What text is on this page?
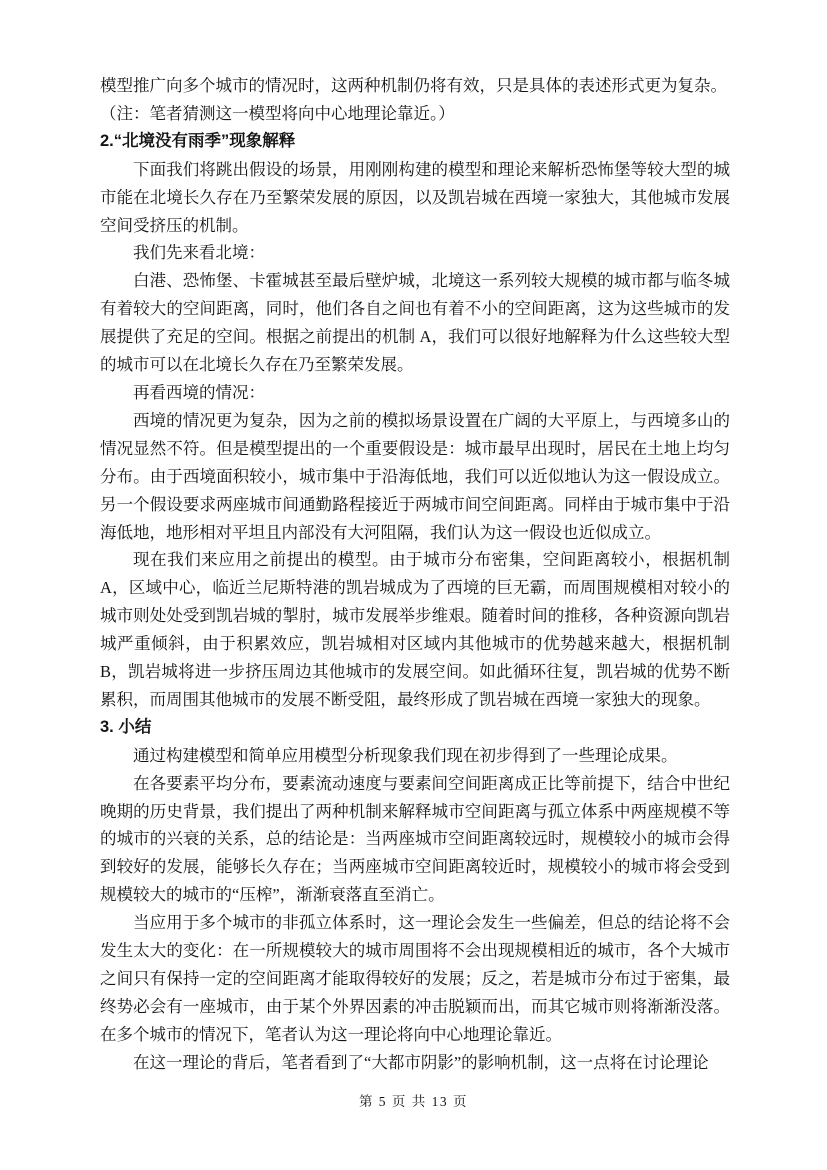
模型推广向多个城市的情况时，这两种机制仍将有效，只是具体的表述形式更为复杂。

（注：笔者猜测这一模型将向中心地理论靠近。）

2.“北境没有雨季”现象解释

下面我们将跳出假设的场景，用刚刚构建的模型和理论来解析恐怖堡等较大型的城市能在北境长久存在乃至繁荣发展的原因，以及凯岩城在西境一家独大，其他城市发展空间受挤压的机制。

我们先来看北境：

白港、恐怖堡、卡霍城甚至最后壁炉城，北境这一系列较大规模的城市都与临冬城有着较大的空间距离，同时，他们各自之间也有着不小的空间距离，这为这些城市的发展提供了充足的空间。根据之前提出的机制 A，我们可以很好地解释为什么这些较大型的城市可以在北境长久存在乃至繁荣发展。

再看西境的情况：

西境的情况更为复杂，因为之前的模拟场景设置在广阔的大平原上，与西境多山的情况显然不符。但是模型提出的一个重要假设是：城市最早出现时，居民在土地上均匀分布。由于西境面积较小，城市集中于沿海低地，我们可以近似地认为这一假设成立。另一个假设要求两座城市间通勤路程接近于两城市间空间距离。同样由于城市集中于沿海低地，地形相对平坦且内部没有大河阻隔，我们认为这一假设也近似成立。

现在我们来应用之前提出的模型。由于城市分布密集，空间距离较小，根据机制 A，区域中心，临近兰尼斯特港的凯岩城成为了西境的巨无霸，而周围规模相对较小的城市则处处受到凯岩城的掣肘，城市发展举步维艰。随着时间的推移，各种资源向凯岩城严重倾斜，由于积累效应，凯岩城相对区域内其他城市的优势越来越大，根据机制 B，凯岩城将进一步挤压周边其他城市的发展空间。如此循环往复，凯岩城的优势不断累积，而周围其他城市的发展不断受阻，最终形成了凯岩城在西境一家独大的现象。

3. 小结

通过构建模型和简单应用模型分析现象我们现在初步得到了一些理论成果。

在各要素平均分布，要素流动速度与要素间空间距离成正比等前提下，结合中世纪晚期的历史背景，我们提出了两种机制来解释城市空间距离与孤立体系中两座规模不等的城市的兴衰的关系，总的结论是：当两座城市空间距离较远时，规模较小的城市会得到较好的发展，能够长久存在；当两座城市空间距离较近时，规模较小的城市将会受到规模较大的城市的“压榨”，渐渐衰落直至消亡。

当应用于多个城市的非孤立体系时，这一理论会发生一些偏差，但总的结论将不会发生太大的变化：在一所规模较大的城市周围将不会出现规模相近的城市，各个大城市之间只有保持一定的空间距离才能取得较好的发展；反之，若是城市分布过于密集，最终势必会有一座城市，由于某个外界因素的冲击脱颖而出，而其它城市则将渐渐没落。在多个城市的情况下，笔者认为这一理论将向中心地理论靠近。

在这一理论的背后，笔者看到了“大都市阴影”的影响机制，这一点将在讨论理论

第 5 页 共 13 页
